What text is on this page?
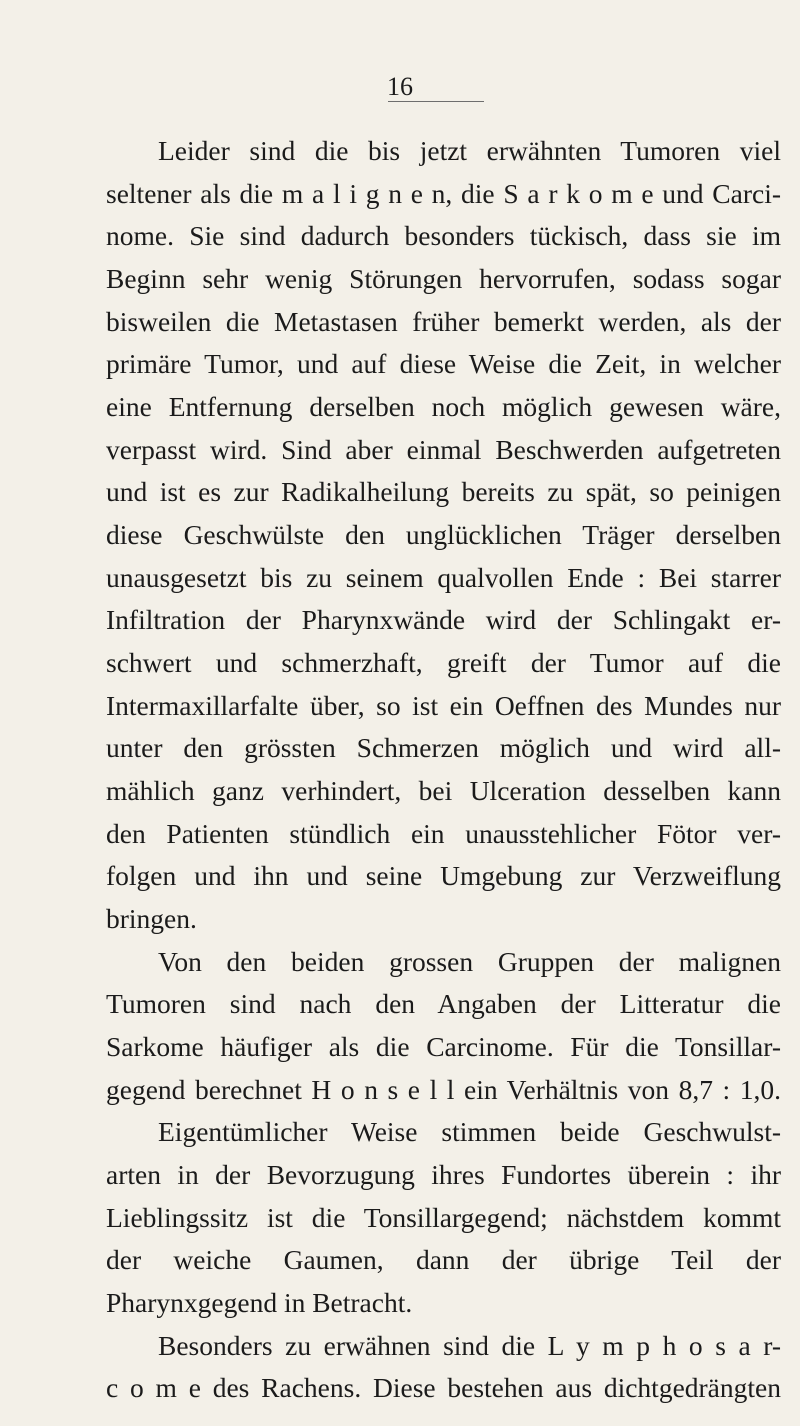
16
Leider sind die bis jetzt erwähnten Tumoren viel
seltener als die m a l i g n e n, die S a r k o m e und Carci-
nome. Sie sind dadurch besonders tückisch, dass sie im
Beginn sehr wenig Störungen hervorrufen, sodass sogar
bisweilen die Metastasen früher bemerkt werden, als der
primäre Tumor, und auf diese Weise die Zeit, in welcher
eine Entfernung derselben noch möglich gewesen wäre,
verpasst wird. Sind aber einmal Beschwerden aufgetreten
und ist es zur Radikalheilung bereits zu spät, so peinigen
diese Geschwülste den unglücklichen Träger derselben
unausgesetzt bis zu seinem qualvollen Ende : Bei starrer
Infiltration der Pharynxwände wird der Schlingakt er-
schwert und schmerzhaft, greift der Tumor auf die
Intermaxillarfalte über, so ist ein Oeffnen des Mundes nur
unter den grössten Schmerzen möglich und wird all-
mählich ganz verhindert, bei Ulceration desselben kann
den Patienten stündlich ein unausstehlicher Fötor ver-
folgen und ihn und seine Umgebung zur Verzweiflung
bringen.
Von den beiden grossen Gruppen der malignen
Tumoren sind nach den Angaben der Litteratur die
Sarkome häufiger als die Carcinome. Für die Tonsillar-
gegend berechnet H o n s e l l ein Verhältnis von 8,7 : 1,0.
Eigentümlicher Weise stimmen beide Geschwulst-
arten in der Bevorzugung ihres Fundortes überein : ihr
Lieblingssitz ist die Tonsillargegend; nächstdem kommt
der weiche Gaumen, dann der übrige Teil der
Pharynxgegend in Betracht.
Besonders zu erwähnen sind die L y m p h o s a r-
c o m e des Rachens. Diese bestehen aus dichtgedrängten
